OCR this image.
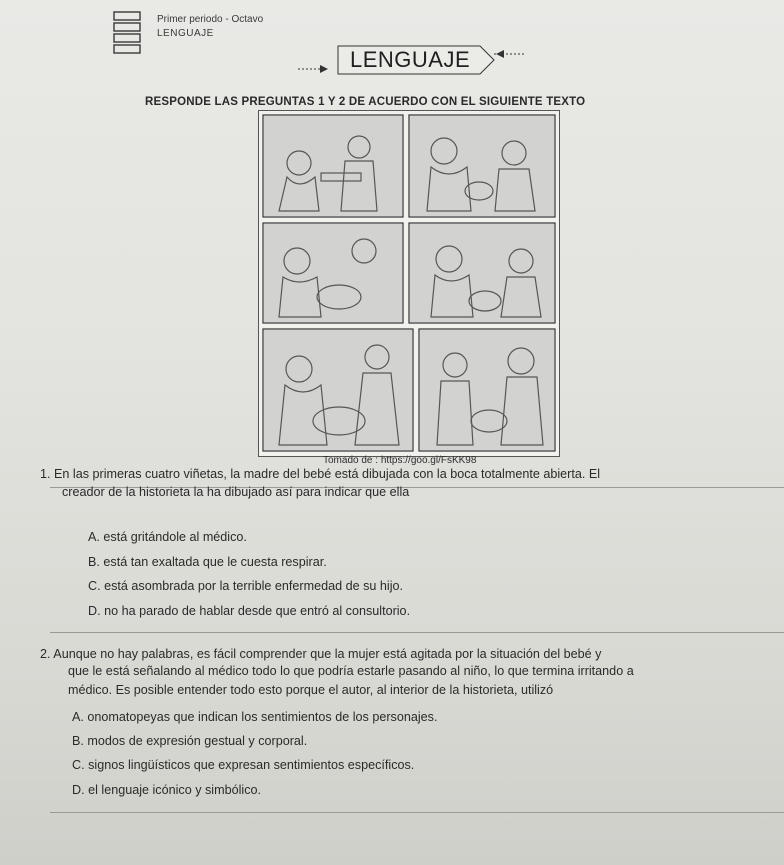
Primer periodo - Octavo
LENGUAJE
LENGUAJE
RESPONDE LAS PREGUNTAS 1 Y 2 DE ACUERDO CON EL SIGUIENTE TEXTO
Tomado de : https://goo.gl/FsKK98
1. En las primeras cuatro viñetas, la madre del bebé está dibujada con la boca totalmente abierta. El
creador de la historieta la ha dibujado así para indicar que ella
A. está gritándole al médico.
B. está tan exaltada que le cuesta respirar.
C. está asombrada por la terrible enfermedad de su hijo.
D. no ha parado de hablar desde que entró al consultorio.
2. Aunque no hay palabras, es fácil comprender que la mujer está agitada por la situación del bebé y
que le está señalando al médico todo lo que podría estarle pasando al niño, lo que termina irritando a
médico. Es posible entender todo esto porque el autor, al interior de la historieta, utilizó
A. onomatopeyas que indican los sentimientos de los personajes.
B. modos de expresión gestual y corporal.
C. signos lingüísticos que expresan sentimientos específicos.
D. el lenguaje icónico y simbólico.
